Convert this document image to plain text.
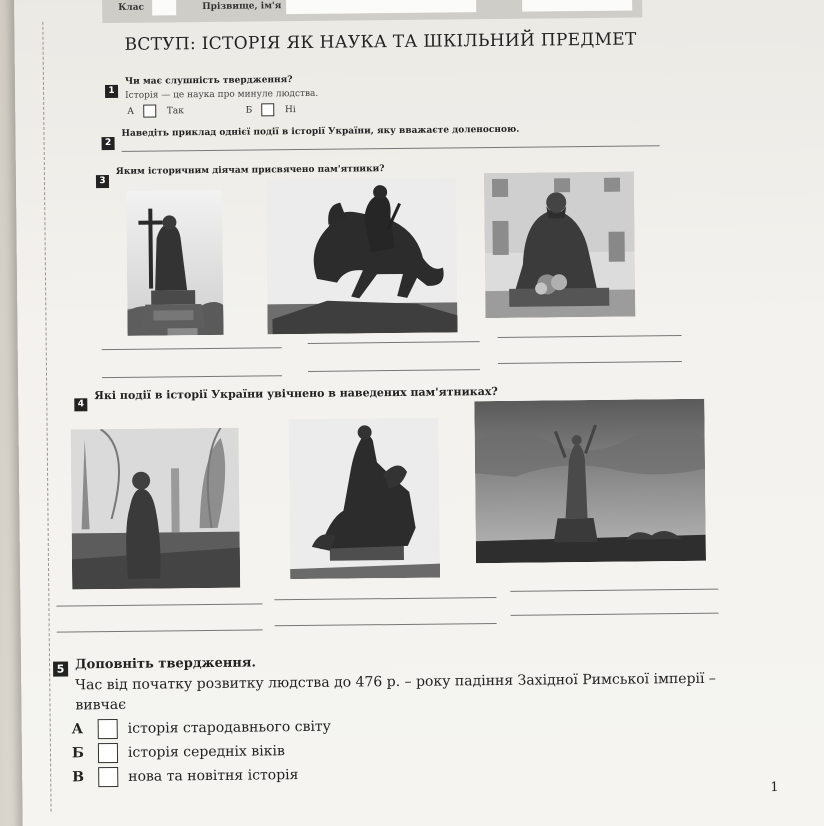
Клас	Прізвище, ім'я
ВСТУП: ІСТОРІЯ ЯК НАУКА ТА ШКІЛЬНИЙ ПРЕДМЕТ
1
Чи має слушність твердження?
Історія — це наука про минуле людства.
А	Так	Б	Ні
2
Наведіть приклад однієї події в історії України, яку вважаєте доленосною.
3
Яким історичним діячам присвячено пам'ятники?
4
Які події в історії України увічнено в наведених пам'ятниках?
5 Доповніть твердження.
Час від початку розвитку людства до 476 р. – року падіння Західної Римської імперії –
вивчає
А	історія стародавнього світу
Б	історія середніх віків
В	нова та новітня історія
1
